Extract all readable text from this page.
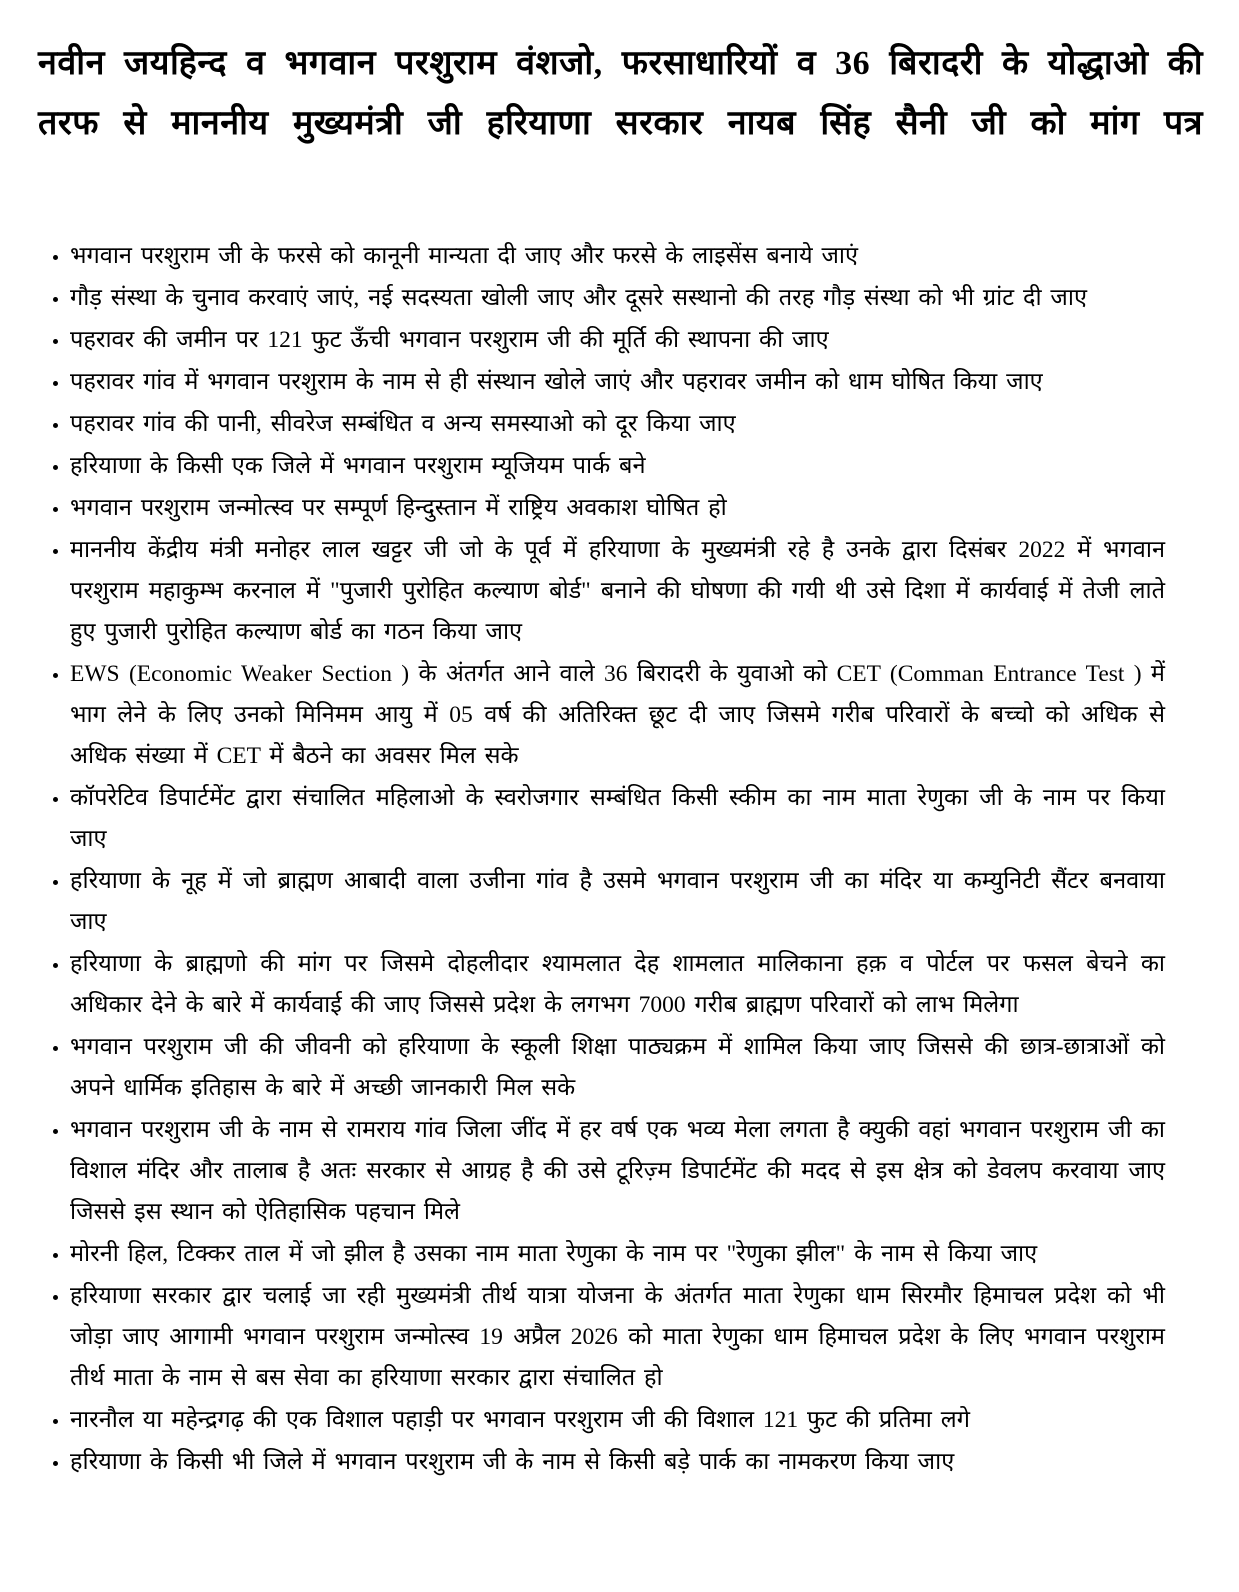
नवीन जयहिन्द व भगवान परशुराम वंशजो, फरसाधारियों व 36 बिरादरी के योद्धाओ की तरफ से माननीय मुख्यमंत्री जी हरियाणा सरकार नायब सिंह सैनी जी को मांग पत्र
• भगवान परशुराम जी के फरसे को कानूनी मान्यता दी जाए और फरसे के लाइसेंस बनाये जाएं
• गौड़ संस्था के चुनाव करवाएं जाएं, नई सदस्यता खोली जाए और दूसरे सस्थानो की तरह गौड़ संस्था को भी ग्रांट दी जाए
• पहरावर की जमीन पर 121 फुट ऊँची भगवान परशुराम जी की मूर्ति की स्थापना की जाए
• पहरावर गांव में भगवान परशुराम के नाम से ही संस्थान खोले जाएं और पहरावर जमीन को धाम घोषित किया जाए
• पहरावर गांव की पानी, सीवरेज सम्बंधित व अन्य समस्याओ को दूर किया जाए
• हरियाणा के किसी एक जिले में भगवान परशुराम म्यूजियम पार्क बने
• भगवान परशुराम जन्मोत्स्व पर सम्पूर्ण हिन्दुस्तान में राष्ट्रिय अवकाश घोषित हो
• माननीय केंद्रीय मंत्री मनोहर लाल खट्टर जी जो के पूर्व में हरियाणा के मुख्यमंत्री रहे है उनके द्वारा दिसंबर 2022 में भगवान परशुराम महाकुम्भ करनाल में "पुजारी पुरोहित कल्याण बोर्ड" बनाने की घोषणा की गयी थी उसे दिशा में कार्यवाई में तेजी लाते हुए पुजारी पुरोहित कल्याण बोर्ड का गठन किया जाए
• EWS (Economic Weaker Section ) के अंतर्गत आने वाले 36 बिरादरी के युवाओ को CET (Comman Entrance Test ) में भाग लेने के लिए उनको मिनिमम आयु में 05 वर्ष की अतिरिक्त छूट दी जाए जिसमे गरीब परिवारों के बच्चो को अधिक से अधिक संख्या में CET में बैठने का अवसर मिल सके
• कॉपरेटिव डिपार्टमेंट द्वारा संचालित महिलाओ के स्वरोजगार सम्बंधित किसी स्कीम का नाम माता रेणुका जी के नाम पर किया जाए
• हरियाणा के नूह में जो ब्राह्मण आबादी वाला उजीना गांव है उसमे भगवान परशुराम जी का मंदिर या कम्युनिटी सैंटर बनवाया जाए
• हरियाणा के ब्राह्मणो की मांग पर जिसमे दोहलीदार श्यामलात देह शामलात मालिकाना हक़ व पोर्टल पर फसल बेचने का अधिकार देने के बारे में कार्यवाई की जाए जिससे प्रदेश के लगभग 7000 गरीब ब्राह्मण परिवारों को लाभ मिलेगा
• भगवान परशुराम जी की जीवनी को हरियाणा के स्कूली शिक्षा पाठ्यक्रम में शामिल किया जाए जिससे की छात्र-छात्राओं को अपने धार्मिक इतिहास के बारे में अच्छी जानकारी मिल सके
• भगवान परशुराम जी के नाम से रामराय गांव जिला जींद में हर वर्ष एक भव्य मेला लगता है क्युकी वहां भगवान परशुराम जी का विशाल मंदिर और तालाब है अतः सरकार से आग्रह है की उसे टूरिज़्म डिपार्टमेंट की मदद से इस क्षेत्र को डेवलप करवाया जाए जिससे इस स्थान को ऐतिहासिक पहचान मिले
• मोरनी हिल, टिक्कर ताल में जो झील है उसका नाम माता रेणुका के नाम पर "रेणुका झील" के नाम से किया जाए
• हरियाणा सरकार द्वार चलाई जा रही मुख्यमंत्री तीर्थ यात्रा योजना के अंतर्गत माता रेणुका धाम सिरमौर हिमाचल प्रदेश को भी जोड़ा जाए आगामी भगवान परशुराम जन्मोत्स्व 19 अप्रैल 2026 को माता रेणुका धाम हिमाचल प्रदेश के लिए भगवान परशुराम तीर्थ माता के नाम से बस सेवा का हरियाणा सरकार द्वारा संचालित हो
• नारनौल या महेन्द्रगढ़ की एक विशाल पहाड़ी पर भगवान परशुराम जी की विशाल 121 फुट की प्रतिमा लगे
• हरियाणा के किसी भी जिले में भगवान परशुराम जी के नाम से किसी बड़े पार्क का नामकरण किया जाए
